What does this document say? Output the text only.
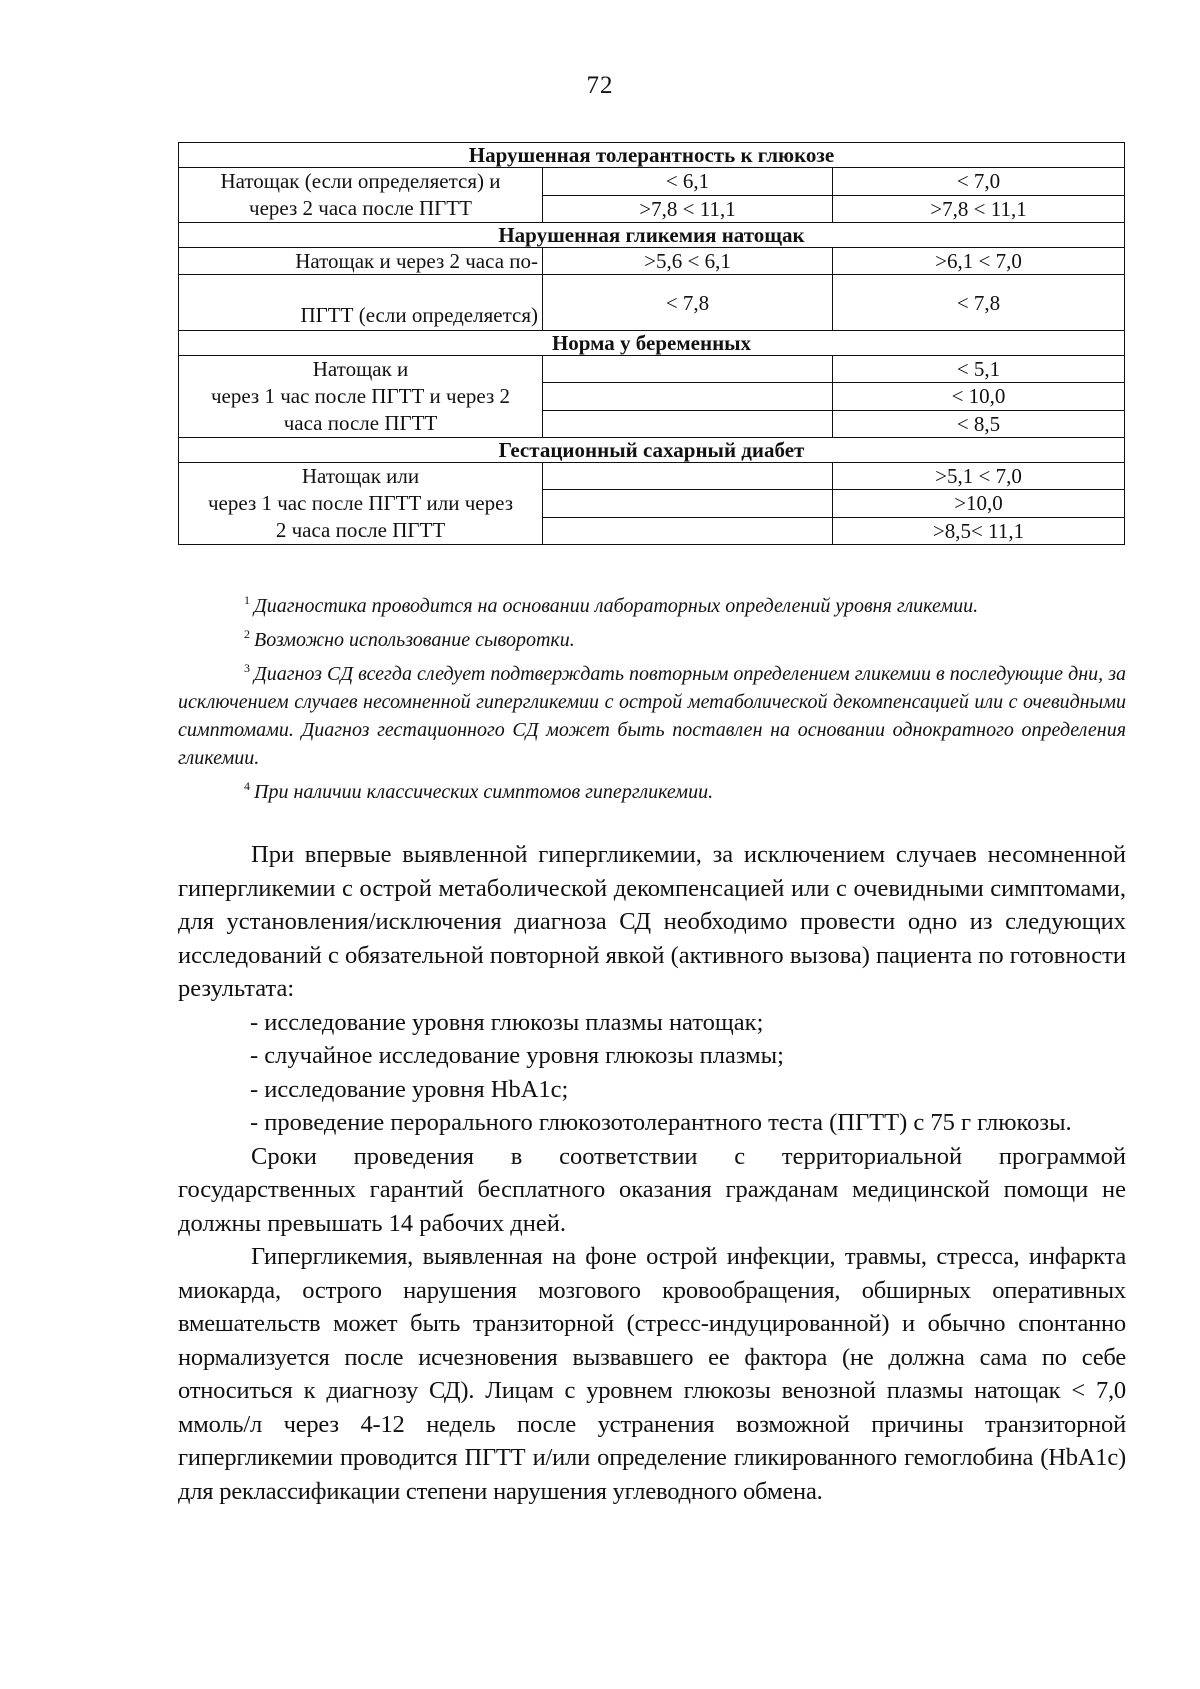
72
Нарушенная толерантность к глюкозе		
Натощак (если определяется) и
через 2 часа после ПГТТ	< 6,1	< 7,0
	>7,8 < 11,1	>7,8 < 11,1
Нарушенная гликемия натощак		
Натощак и через 2 часа по-	>5,6 < 6,1	>6,1 < 7,0
ПГТТ (если определяется)	< 7,8	< 7,8
Норма у беременных		
Натощак и
через 1 час после ПГТТ и через 2
часа после ПГТТ		< 5,1
		< 10,0
		< 8,5
Гестационный сахарный диабет		
Натощак или
через 1 час после ПГТТ или через
2 часа после ПГТТ		>5,1 < 7,0
		>10,0
		>8,5< 11,1

$^1$ Диагностика проводится на основании лабораторных определений уровня гликемии.

$^2$ Возможно использование сыворотки.

$^3$ Диагноз СД всегда следует подтверждать повторным определением гликемии в последующие дни, за исключением случаев несомненной гипергликемии с острой метаболической декомпенсацией или с очевидными симптомами. Диагноз гестационного СД может быть поставлен на основании однократного определения гликемии.

$^4$ При наличии классических симптомов гипергликемии.

При впервые выявленной гипергликемии, за исключением случаев несомненной гипергликемии с острой метаболической декомпенсацией или с очевидными симптомами, для установления/исключения диагноза СД необходимо провести одно из следующих исследований с обязательной повторной явкой (активного вызова) пациента по готовности результата:

- исследование уровня глюкозы плазмы натощак;

- случайное исследование уровня глюкозы плазмы;

- исследование уровня HbA1c;

- проведение перорального глюкозотолерантного теста (ПГТТ) с 75 г глюкозы.

Сроки проведения в соответствии с территориальной программой государственных гарантий бесплатного оказания гражданам медицинской помощи не должны превышать 14 рабочих дней.

Гипергликемия, выявленная на фоне острой инфекции, травмы, стресса, инфаркта миокарда, острого нарушения мозгового кровообращения, обширных оперативных вмешательств может быть транзиторной (стресс-индуцированной) и обычно спонтанно нормализуется после исчезновения вызвавшего ее фактора (не должна сама по себе относиться к диагнозу СД). Лицам с уровнем глюкозы венозной плазмы натощак < 7,0 ммоль/л через 4-12 недель после устранения возможной причины транзиторной гипергликемии проводится ПГТТ и/или определение гликированного гемоглобина (HbA1c) для реклассификации степени нарушения углеводного обмена.
